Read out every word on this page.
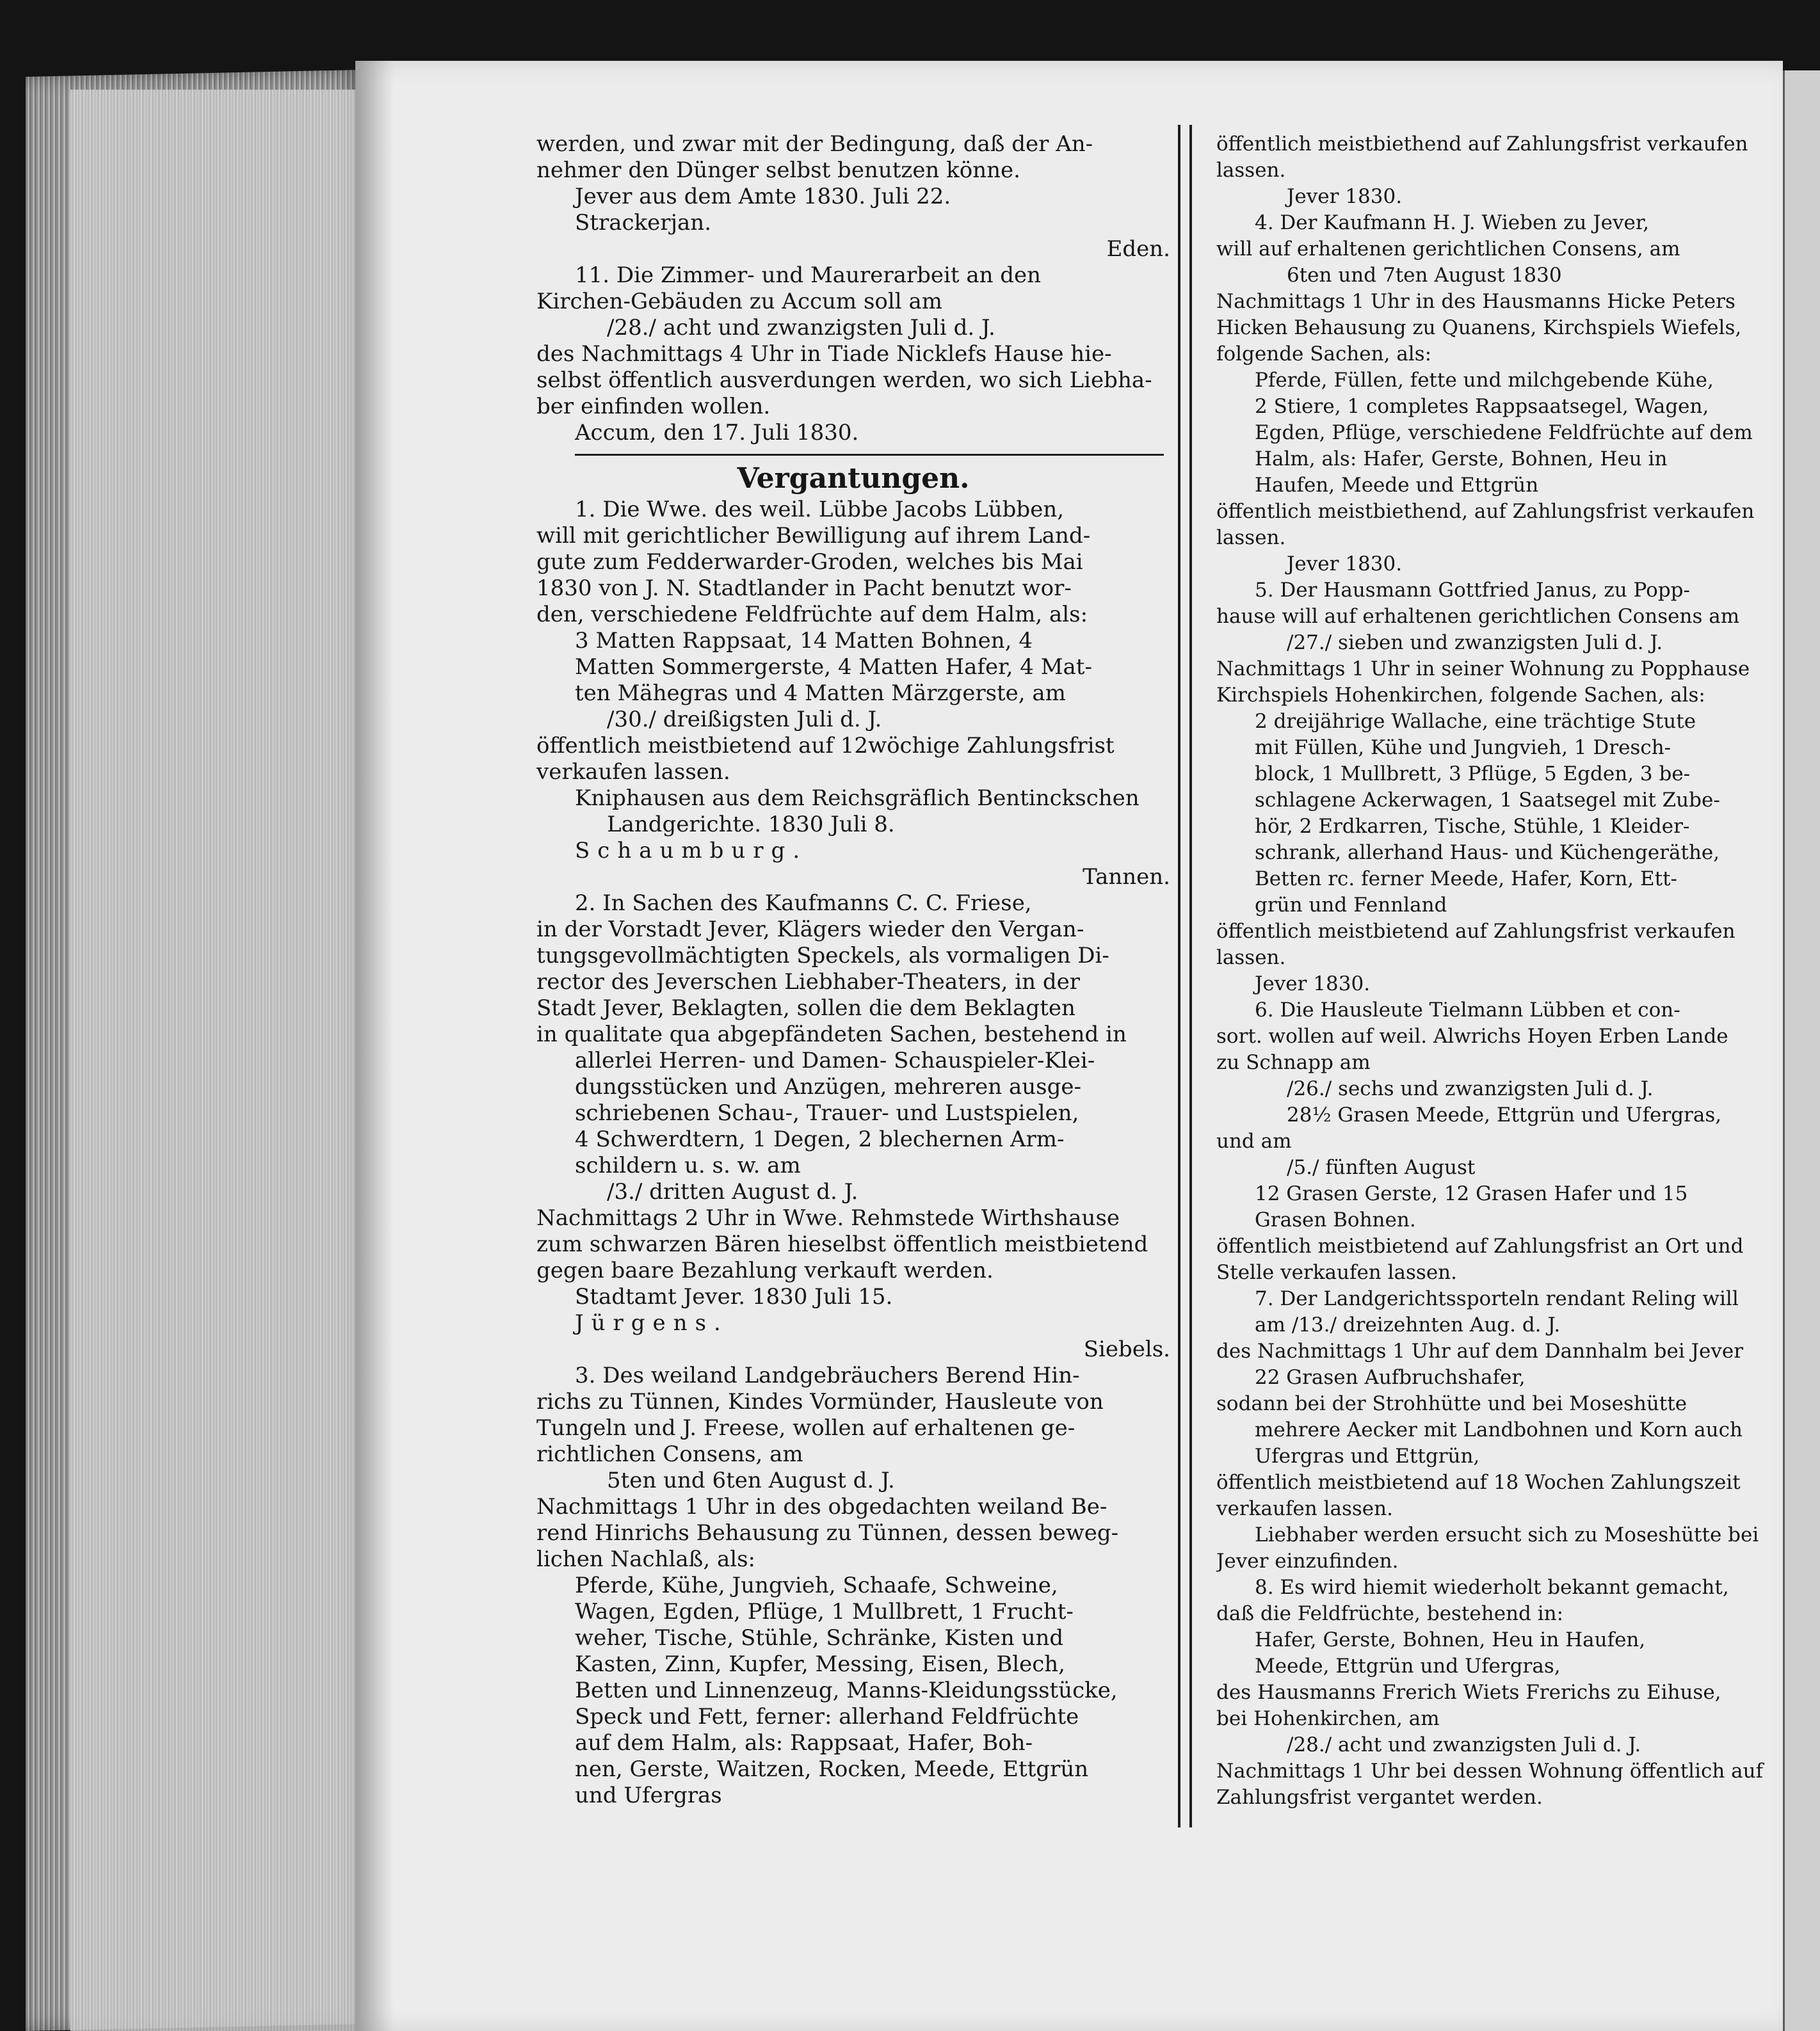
werden, und zwar mit der Bedingung, daß der An-

nehmer den Dünger selbst benutzen könne.

Jever aus dem Amte 1830. Juli 22.

Strackerjan.

Eden.

11. Die Zimmer- und Maurerarbeit an den

Kirchen-Gebäuden zu Accum soll am

/28./ acht und zwanzigsten Juli d. J.

des Nachmittags 4 Uhr in Tiade Nicklefs Hause hie-

selbst öffentlich ausverdungen werden, wo sich Liebha-

ber einfinden wollen.

Accum, den 17. Juli 1830.

Vergantungen.

1. Die Wwe. des weil. Lübbe Jacobs Lübben,

will mit gerichtlicher Bewilligung auf ihrem Land-

gute zum Fedderwarder-Groden, welches bis Mai

1830 von J. N. Stadtlander in Pacht benutzt wor-

den, verschiedene Feldfrüchte auf dem Halm, als:

3 Matten Rappsaat, 14 Matten Bohnen, 4

Matten Sommergerste, 4 Matten Hafer, 4 Mat-

ten Mähegras und 4 Matten Märzgerste, am

/30./ dreißigsten Juli d. J.

öffentlich meistbietend auf 12wöchige Zahlungsfrist

verkaufen lassen.

Kniphausen aus dem Reichsgräflich Bentinckschen

Landgerichte. 1830 Juli 8.

Schaumburg.

Tannen.

2. In Sachen des Kaufmanns C. C. Friese,

in der Vorstadt Jever, Klägers wieder den Vergan-

tungsgevollmächtigten Speckels, als vormaligen Di-

rector des Jeverschen Liebhaber-Theaters, in der

Stadt Jever, Beklagten, sollen die dem Beklagten

in qualitate qua abgepfändeten Sachen, bestehend in

allerlei Herren- und Damen- Schauspieler-Klei-

dungsstücken und Anzügen, mehreren ausge-

schriebenen Schau-, Trauer- und Lustspielen,

4 Schwerdtern, 1 Degen, 2 blechernen Arm-

schildern u. s. w. am

/3./ dritten August d. J.

Nachmittags 2 Uhr in Wwe. Rehmstede Wirthshause

zum schwarzen Bären hieselbst öffentlich meistbietend

gegen baare Bezahlung verkauft werden.

Stadtamt Jever. 1830 Juli 15.

Jürgens.

Siebels.

3. Des weiland Landgebräuchers Berend Hin-

richs zu Tünnen, Kindes Vormünder, Hausleute von

Tungeln und J. Freese, wollen auf erhaltenen ge-

richtlichen Consens, am

5ten und 6ten August d. J.

Nachmittags 1 Uhr in des obgedachten weiland Be-

rend Hinrichs Behausung zu Tünnen, dessen beweg-

lichen Nachlaß, als:

Pferde, Kühe, Jungvieh, Schaafe, Schweine,

Wagen, Egden, Pflüge, 1 Mullbrett, 1 Frucht-

weher, Tische, Stühle, Schränke, Kisten und

Kasten, Zinn, Kupfer, Messing, Eisen, Blech,

Betten und Linnenzeug, Manns-Kleidungsstücke,

Speck und Fett, ferner: allerhand Feldfrüchte

auf dem Halm, als: Rappsaat, Hafer, Boh-

nen, Gerste, Waitzen, Rocken, Meede, Ettgrün

und Ufergras

öffentlich meistbiethend auf Zahlungsfrist verkaufen

lassen.

Jever 1830.

4. Der Kaufmann H. J. Wieben zu Jever,

will auf erhaltenen gerichtlichen Consens, am

6ten und 7ten August 1830

Nachmittags 1 Uhr in des Hausmanns Hicke Peters

Hicken Behausung zu Quanens, Kirchspiels Wiefels,

folgende Sachen, als:

Pferde, Füllen, fette und milchgebende Kühe,

2 Stiere, 1 completes Rappsaatsegel, Wagen,

Egden, Pflüge, verschiedene Feldfrüchte auf dem

Halm, als: Hafer, Gerste, Bohnen, Heu in

Haufen, Meede und Ettgrün

öffentlich meistbiethend, auf Zahlungsfrist verkaufen

lassen.

Jever 1830.

5. Der Hausmann Gottfried Janus, zu Popp-

hause will auf erhaltenen gerichtlichen Consens am

/27./ sieben und zwanzigsten Juli d. J.

Nachmittags 1 Uhr in seiner Wohnung zu Popphause

Kirchspiels Hohenkirchen, folgende Sachen, als:

2 dreijährige Wallache, eine trächtige Stute

mit Füllen, Kühe und Jungvieh, 1 Dresch-

block, 1 Mullbrett, 3 Pflüge, 5 Egden, 3 be-

schlagene Ackerwagen, 1 Saatsegel mit Zube-

hör, 2 Erdkarren, Tische, Stühle, 1 Kleider-

schrank, allerhand Haus- und Küchengeräthe,

Betten rc. ferner Meede, Hafer, Korn, Ett-

grün und Fennland

öffentlich meistbietend auf Zahlungsfrist verkaufen

lassen.

Jever 1830.

6. Die Hausleute Tielmann Lübben et con-

sort. wollen auf weil. Alwrichs Hoyen Erben Lande

zu Schnapp am

/26./ sechs und zwanzigsten Juli d. J.

28½ Grasen Meede, Ettgrün und Ufergras,

und am

/5./ fünften August

12 Grasen Gerste, 12 Grasen Hafer und 15

Grasen Bohnen.

öffentlich meistbietend auf Zahlungsfrist an Ort und

Stelle verkaufen lassen.

7. Der Landgerichtssporteln rendant Reling will

am /13./ dreizehnten Aug. d. J.

des Nachmittags 1 Uhr auf dem Dannhalm bei Jever

22 Grasen Aufbruchshafer,

sodann bei der Strohhütte und bei Moseshütte

mehrere Aecker mit Landbohnen und Korn auch

Ufergras und Ettgrün,

öffentlich meistbietend auf 18 Wochen Zahlungszeit

verkaufen lassen.

Liebhaber werden ersucht sich zu Moseshütte bei

Jever einzufinden.

8. Es wird hiemit wiederholt bekannt gemacht,

daß die Feldfrüchte, bestehend in:

Hafer, Gerste, Bohnen, Heu in Haufen,

Meede, Ettgrün und Ufergras,

des Hausmanns Frerich Wiets Frerichs zu Eihuse,

bei Hohenkirchen, am

/28./ acht und zwanzigsten Juli d. J.

Nachmittags 1 Uhr bei dessen Wohnung öffentlich auf

Zahlungsfrist vergantet werden.
